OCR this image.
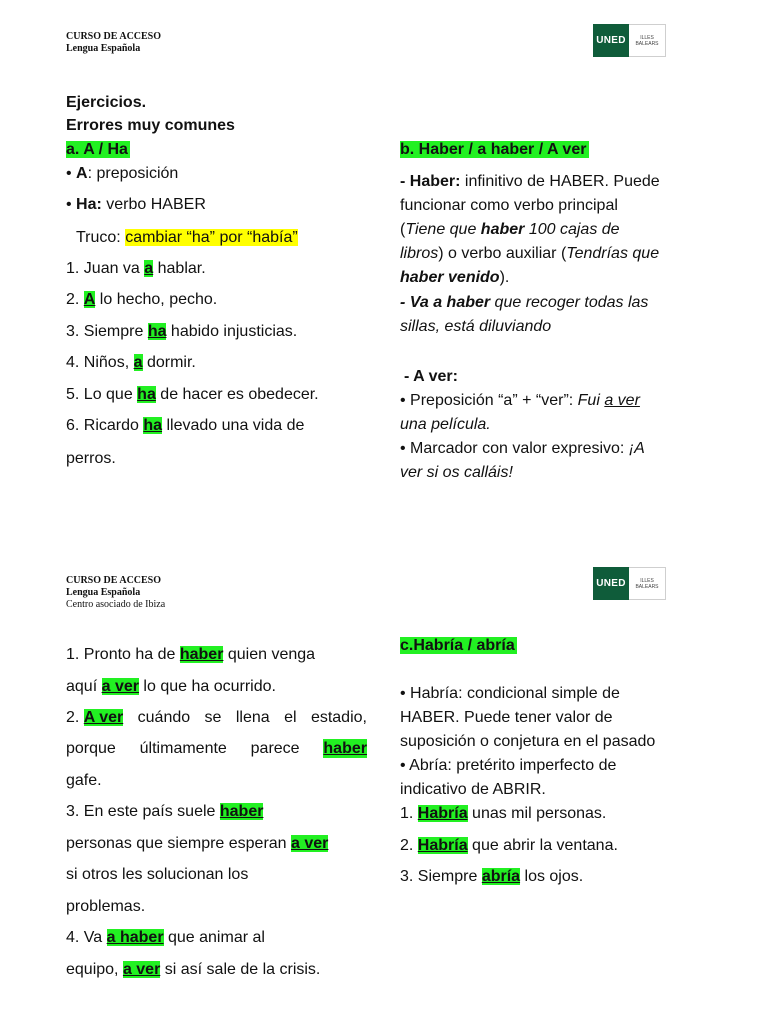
CURSO DE ACCESO
Lengua Española
UNED	ILLES
BALEARS
Ejercicios.
Errores muy comunes
a. A / Ha
• A: preposición
• Ha: verbo HABER
Truco: cambiar “ha” por “había”
1. Juan va a hablar.
2. A lo hecho, pecho.
3. Siempre ha habido injusticias.
4. Niños, a dormir.
5. Lo que ha de hacer es obedecer.
6. Ricardo ha llevado una vida de
perros.
b. Haber / a haber / A ver
- Haber: infinitivo de HABER. Puede
funcionar como verbo principal
(Tiene que haber 100 cajas de
libros) o verbo auxiliar (Tendrías que
haber venido).
- Va a haber que recoger todas las
sillas, está diluviando
- A ver:
• Preposición “a” + “ver”: Fui a ver
una película.
• Marcador con valor expresivo: ¡A
ver si os calláis!
CURSO DE ACCESO
Lengua Española
Centro asociado de Ibiza
UNED	ILLES
BALEARS
1. Pronto ha de haber quien venga
aquí a ver lo que ha ocurrido.
2. A ver cuándo se llena el estadio,
porque últimamente parece haber
gafe.
3. En este país suele haber
personas que siempre esperan a ver
si otros les solucionan los
problemas.
4. Va a haber que animar al
equipo, a ver si así sale de la crisis.
c.Habría / abría
• Habría: condicional simple de
HABER. Puede tener valor de
suposición o conjetura en el pasado
• Abría: pretérito imperfecto de
indicativo de ABRIR.
1. Habría unas mil personas.
2. Habría que abrir la ventana.
3. Siempre abría los ojos.
